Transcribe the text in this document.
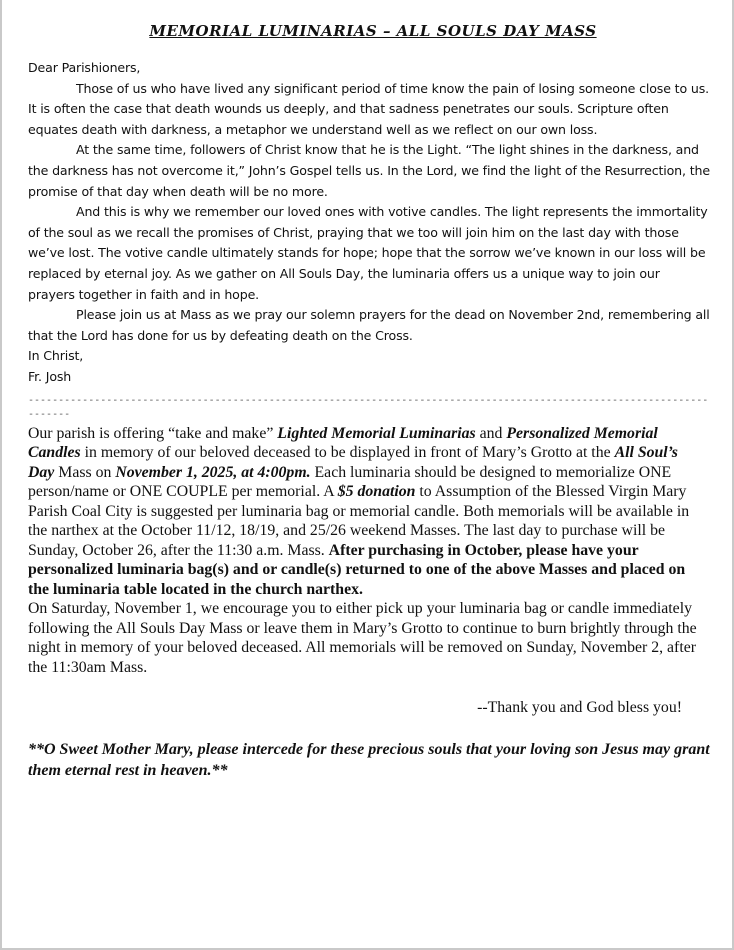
MEMORIAL LUMINARIAS – ALL SOULS DAY MASS

Dear Parishioners,

Those of us who have lived any significant period of time know the pain of losing someone close to us. It is often the case that death wounds us deeply, and that sadness penetrates our souls. Scripture often equates death with darkness, a metaphor we understand well as we reflect on our own loss.

At the same time, followers of Christ know that he is the Light. “The light shines in the darkness, and the darkness has not overcome it,” John’s Gospel tells us. In the Lord, we find the light of the Resurrection, the promise of that day when death will be no more.

And this is why we remember our loved ones with votive candles. The light represents the immortality of the soul as we recall the promises of Christ, praying that we too will join him on the last day with those we’ve lost. The votive candle ultimately stands for hope; hope that the sorrow we’ve known in our loss will be replaced by eternal joy. As we gather on All Souls Day, the luminaria offers us a unique way to join our prayers together in faith and in hope.

Please join us at Mass as we pray our solemn prayers for the dead on November 2nd, remembering all that the Lord has done for us by defeating death on the Cross.

In Christ,

Fr. Josh

------------------------------------------------------------------------------------------------------------------------

Our parish is offering “take and make” Lighted Memorial Luminarias and Personalized Memorial Candles in memory of our beloved deceased to be displayed in front of Mary’s Grotto at the All Soul’s Day Mass on November 1, 2025, at 4:00pm. Each luminaria should be designed to memorialize ONE person/name or ONE COUPLE per memorial. A $5 donation to Assumption of the Blessed Virgin Mary Parish Coal City is suggested per luminaria bag or memorial candle. Both memorials will be available in the narthex at the October 11/12, 18/19, and 25/26 weekend Masses. The last day to purchase will be Sunday, October 26, after the 11:30 a.m. Mass. After purchasing in October, please have your personalized luminaria bag(s) and or candle(s) returned to one of the above Masses and placed on the luminaria table located in the church narthex.

On Saturday, November 1, we encourage you to either pick up your luminaria bag or candle immediately following the All Souls Day Mass or leave them in Mary’s Grotto to continue to burn brightly through the night in memory of your beloved deceased. All memorials will be removed on Sunday, November 2, after the 11:30am Mass.

--Thank you and God bless you!
**O Sweet Mother Mary, please intercede for these precious souls that your loving son Jesus may grant them eternal rest in heaven.**
